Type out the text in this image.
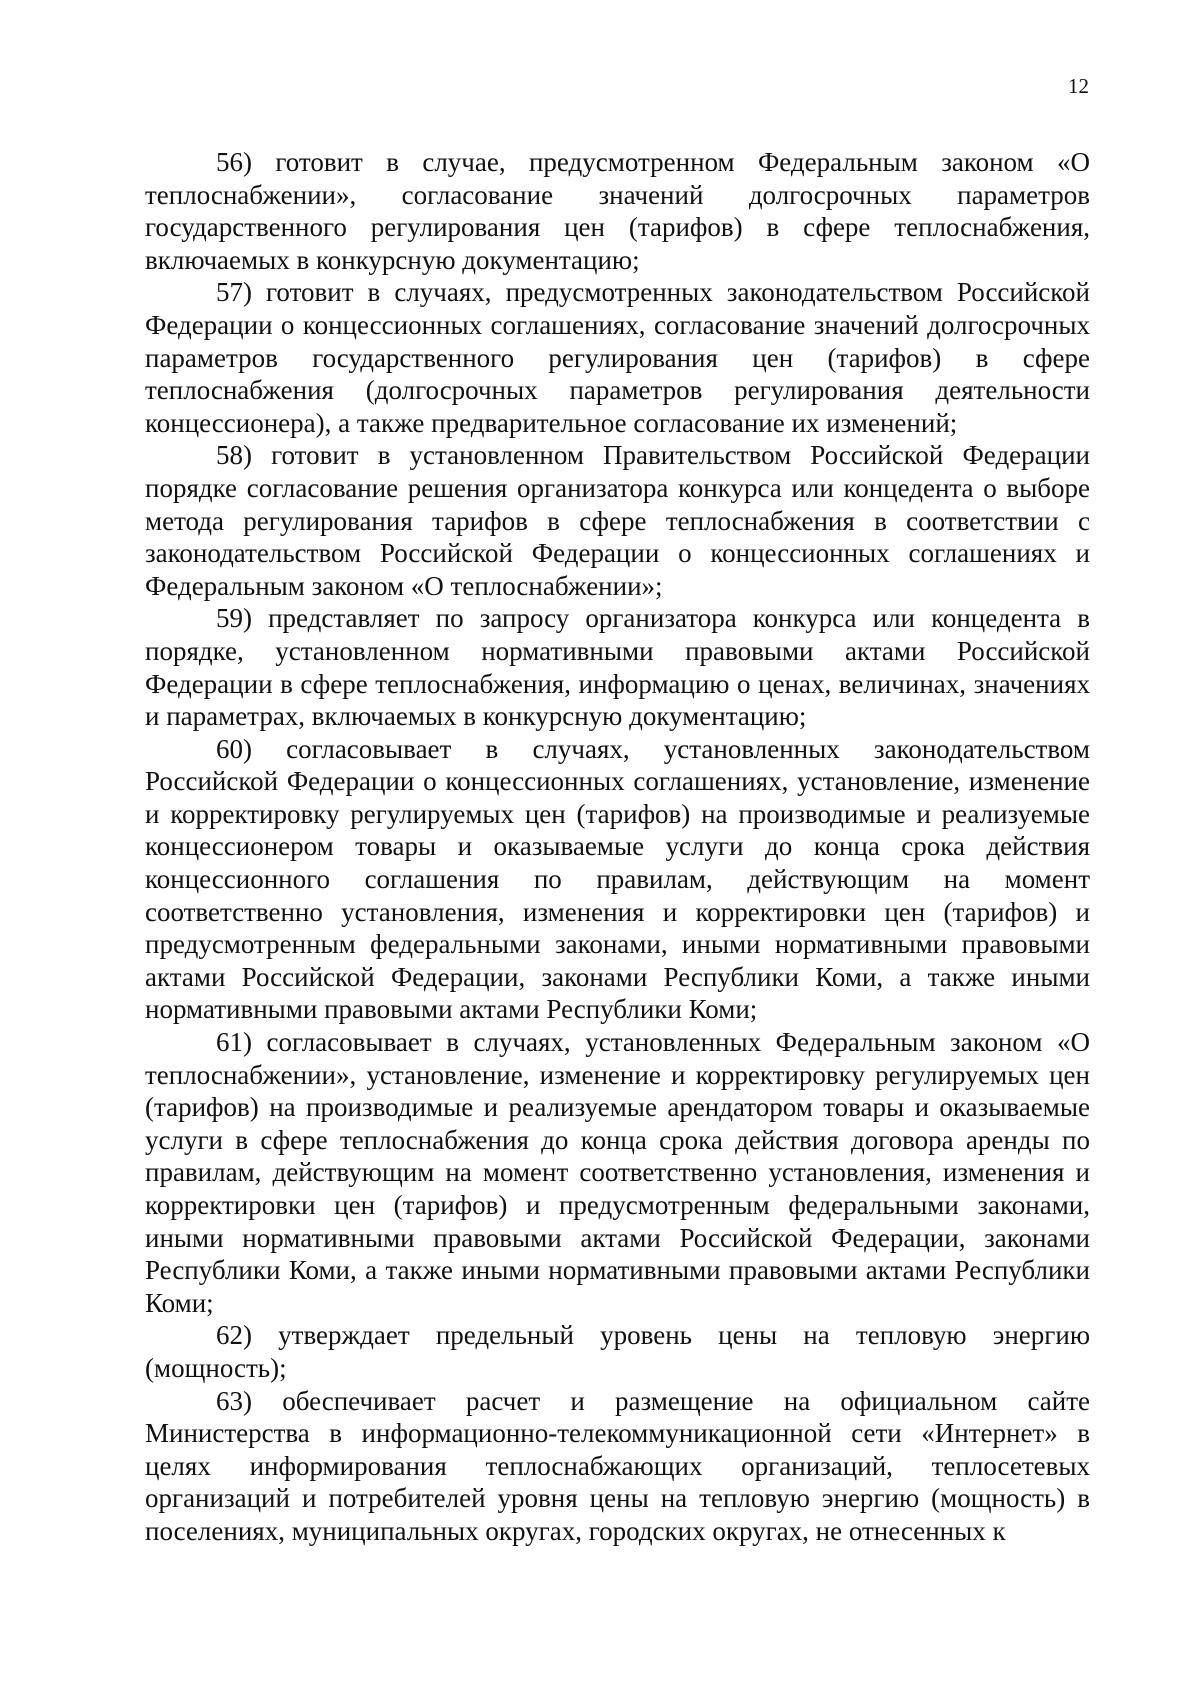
12

56) готовит в случае, предусмотренном Федеральным законом «О теплоснабжении», согласование значений долгосрочных параметров государственного регулирования цен (тарифов) в сфере теплоснабжения, включаемых в конкурсную документацию;

57) готовит в случаях, предусмотренных законодательством Российской Федерации о концессионных соглашениях, согласование значений долгосрочных параметров государственного регулирования цен (тарифов) в сфере теплоснабжения (долгосрочных параметров регулирования деятельности концессионера), а также предварительное согласование их изменений;

58) готовит в установленном Правительством Российской Федерации порядке согласование решения организатора конкурса или концедента о выборе метода регулирования тарифов в сфере теплоснабжения в соответствии с законодательством Российской Федерации о концессионных соглашениях и Федеральным законом «О теплоснабжении»;

59) представляет по запросу организатора конкурса или концедента в порядке, установленном нормативными правовыми актами Российской Федерации в сфере теплоснабжения, информацию о ценах, величинах, значениях и параметрах, включаемых в конкурсную документацию;

60) согласовывает в случаях, установленных законодательством Российской Федерации о концессионных соглашениях, установление, изменение и корректировку регулируемых цен (тарифов) на производимые и реализуемые концессионером товары и оказываемые услуги до конца срока действия концессионного соглашения по правилам, действующим на момент соответственно установления, изменения и корректировки цен (тарифов) и предусмотренным федеральными законами, иными нормативными правовыми актами Российской Федерации, законами Республики Коми, а также иными нормативными правовыми актами Республики Коми;

61) согласовывает в случаях, установленных Федеральным законом «О теплоснабжении», установление, изменение и корректировку регулируемых цен (тарифов) на производимые и реализуемые арендатором товары и оказываемые услуги в сфере теплоснабжения до конца срока действия договора аренды по правилам, действующим на момент соответственно установления, изменения и корректировки цен (тарифов) и предусмотренным федеральными законами, иными нормативными правовыми актами Российской Федерации, законами Республики Коми, а также иными нормативными правовыми актами Республики Коми;

62) утверждает предельный уровень цены на тепловую энергию (мощность);

63) обеспечивает расчет и размещение на официальном сайте Министерства в информационно-телекоммуникационной сети «Интернет» в целях информирования теплоснабжающих организаций, теплосетевых организаций и потребителей уровня цены на тепловую энергию (мощность) в поселениях, муниципальных округах, городских округах, не отнесенных к
